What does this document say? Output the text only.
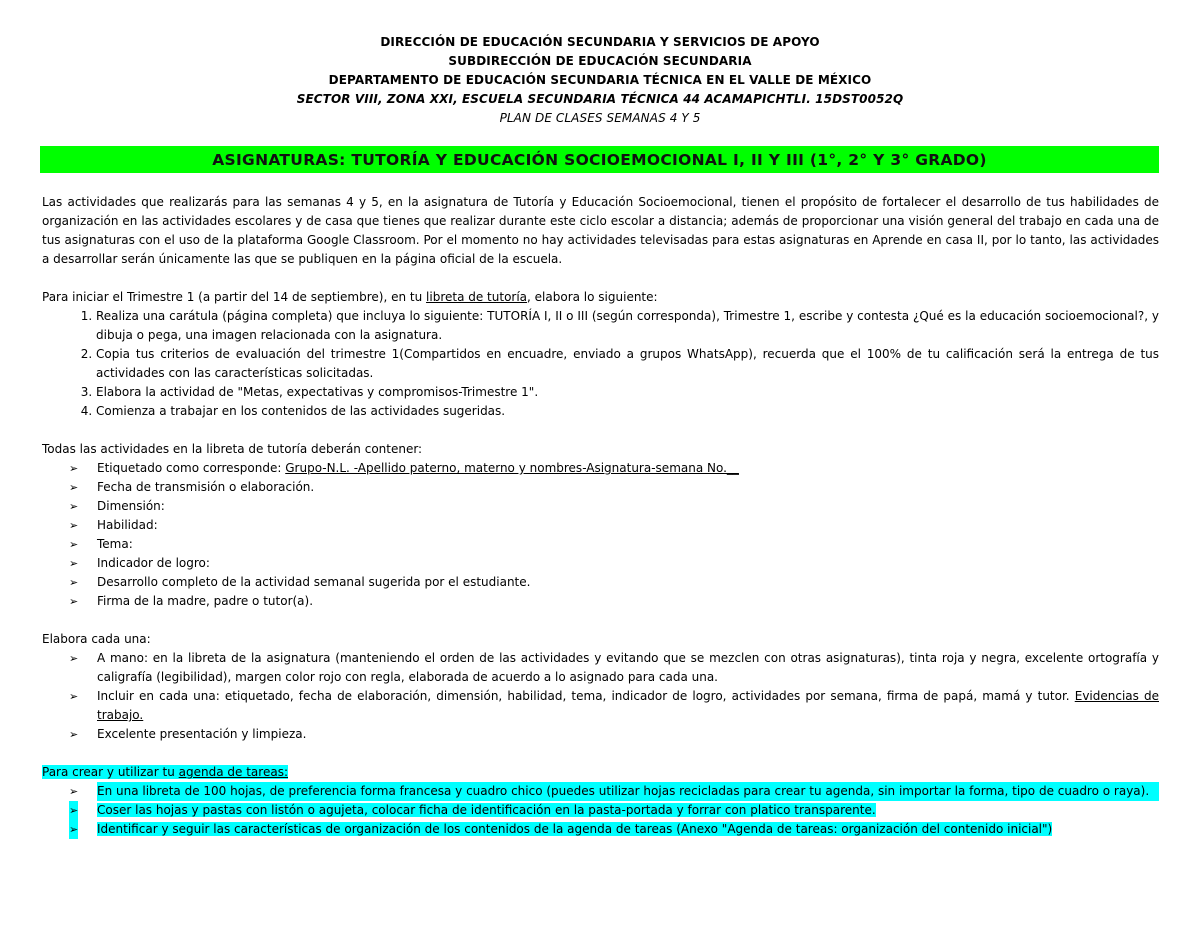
DIRECCIÓN DE EDUCACIÓN SECUNDARIA Y SERVICIOS DE APOYO
SUBDIRECCIÓN DE EDUCACIÓN SECUNDARIA
DEPARTAMENTO DE EDUCACIÓN SECUNDARIA TÉCNICA EN EL VALLE DE MÉXICO
SECTOR VIII, ZONA XXI, ESCUELA SECUNDARIA TÉCNICA 44 ACAMAPICHTLI. 15DST0052Q
PLAN DE CLASES SEMANAS 4 Y 5
ASIGNATURAS: TUTORÍA Y EDUCACIÓN SOCIOEMOCIONAL I, II Y III (1°, 2° Y 3° GRADO)

Las actividades que realizarás para las semanas 4 y 5, en la asignatura de Tutoría y Educación Socioemocional, tienen el propósito de fortalecer el desarrollo de tus habilidades de organización en las actividades escolares y de casa que tienes que realizar durante este ciclo escolar a distancia; además de proporcionar una visión general del trabajo en cada una de tus asignaturas con el uso de la plataforma Google Classroom. Por el momento no hay actividades televisadas para estas asignaturas en Aprende en casa II, por lo tanto, las actividades a desarrollar serán únicamente las que se publiquen en la página oficial de la escuela.

Para iniciar el Trimestre 1 (a partir del 14 de septiembre), en tu libreta de tutoría, elabora lo siguiente:

1. Realiza una carátula (página completa) que incluya lo siguiente: TUTORÍA I, II o III (según corresponda), Trimestre 1, escribe y contesta ¿Qué es la educación socioemocional?, y dibuja o pega, una imagen relacionada con la asignatura.
2. Copia tus criterios de evaluación del trimestre 1(Compartidos en encuadre, enviado a grupos WhatsApp), recuerda que el 100% de tu calificación será la entrega de tus actividades con las características solicitadas.
3. Elabora la actividad de "Metas, expectativas y compromisos-Trimestre 1".
4. Comienza a trabajar en los contenidos de las actividades sugeridas.

Todas las actividades en la libreta de tutoría deberán contener:

➢ Etiquetado como corresponde: Grupo-N.L. -Apellido paterno, materno y nombres-Asignatura-semana No.__
➢ Fecha de transmisión o elaboración.
➢ Dimensión:
➢ Habilidad:
➢ Tema:
➢ Indicador de logro:
➢ Desarrollo completo de la actividad semanal sugerida por el estudiante.
➢ Firma de la madre, padre o tutor(a).

Elabora cada una:

➢ A mano: en la libreta de la asignatura (manteniendo el orden de las actividades y evitando que se mezclen con otras asignaturas), tinta roja y negra, excelente ortografía y caligrafía (legibilidad), margen color rojo con regla, elaborada de acuerdo a lo asignado para cada una.
➢ Incluir en cada una: etiquetado, fecha de elaboración, dimensión, habilidad, tema, indicador de logro, actividades por semana, firma de papá, mamá y tutor. Evidencias de trabajo.
➢ Excelente presentación y limpieza.

Para crear y utilizar tu agenda de tareas:

➢ En una libreta de 100 hojas, de preferencia forma francesa y cuadro chico (puedes utilizar hojas recicladas para crear tu agenda, sin importar la forma, tipo de cuadro o raya).
➢ Coser las hojas y pastas con listón o agujeta, colocar ficha de identificación en la pasta-portada y forrar con platico transparente.
➢ Identificar y seguir las características de organización de los contenidos de la agenda de tareas (Anexo "Agenda de tareas: organización del contenido inicial")
